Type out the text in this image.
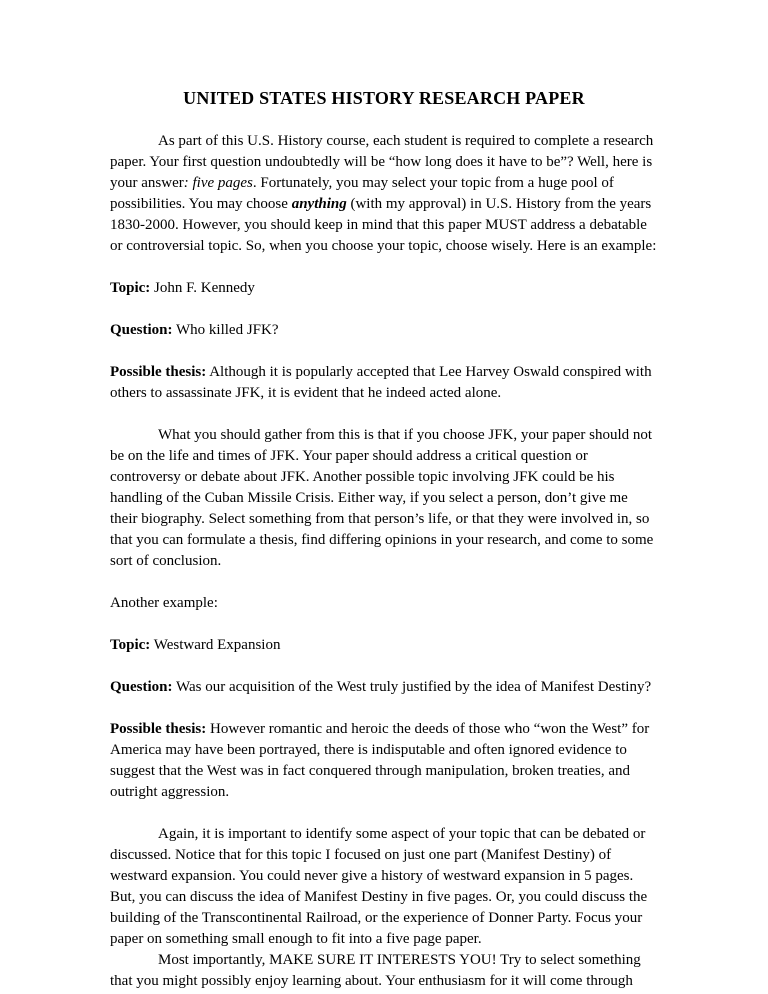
UNITED STATES HISTORY RESEARCH PAPER

As part of this U.S. History course, each student is required to complete a research paper. Your first question undoubtedly will be “how long does it have to be”? Well, here is your answer: five pages. Fortunately, you may select your topic from a huge pool of possibilities. You may choose anything (with my approval) in U.S. History from the years 1830-2000. However, you should keep in mind that this paper MUST address a debatable or controversial topic. So, when you choose your topic, choose wisely. Here is an example:

Topic: John F. Kennedy

Question: Who killed JFK?

Possible thesis: Although it is popularly accepted that Lee Harvey Oswald conspired with others to assassinate JFK, it is evident that he indeed acted alone.

What you should gather from this is that if you choose JFK, your paper should not be on the life and times of JFK. Your paper should address a critical question or controversy or debate about JFK. Another possible topic involving JFK could be his handling of the Cuban Missile Crisis. Either way, if you select a person, don’t give me their biography. Select something from that person’s life, or that they were involved in, so that you can formulate a thesis, find differing opinions in your research, and come to some sort of conclusion.

Another example:

Topic: Westward Expansion

Question: Was our acquisition of the West truly justified by the idea of Manifest Destiny?

Possible thesis: However romantic and heroic the deeds of those who “won the West” for America may have been portrayed, there is indisputable and often ignored evidence to suggest that the West was in fact conquered through manipulation, broken treaties, and outright aggression.

Again, it is important to identify some aspect of your topic that can be debated or discussed. Notice that for this topic I focused on just one part (Manifest Destiny) of westward expansion. You could never give a history of westward expansion in 5 pages. But, you can discuss the idea of Manifest Destiny in five pages. Or, you could discuss the building of the Transcontinental Railroad, or the experience of Donner Party. Focus your paper on something small enough to fit into a five page paper.

Most importantly, MAKE SURE IT INTERESTS YOU! Try to select something that you might possibly enjoy learning about. Your enthusiasm for it will come through
